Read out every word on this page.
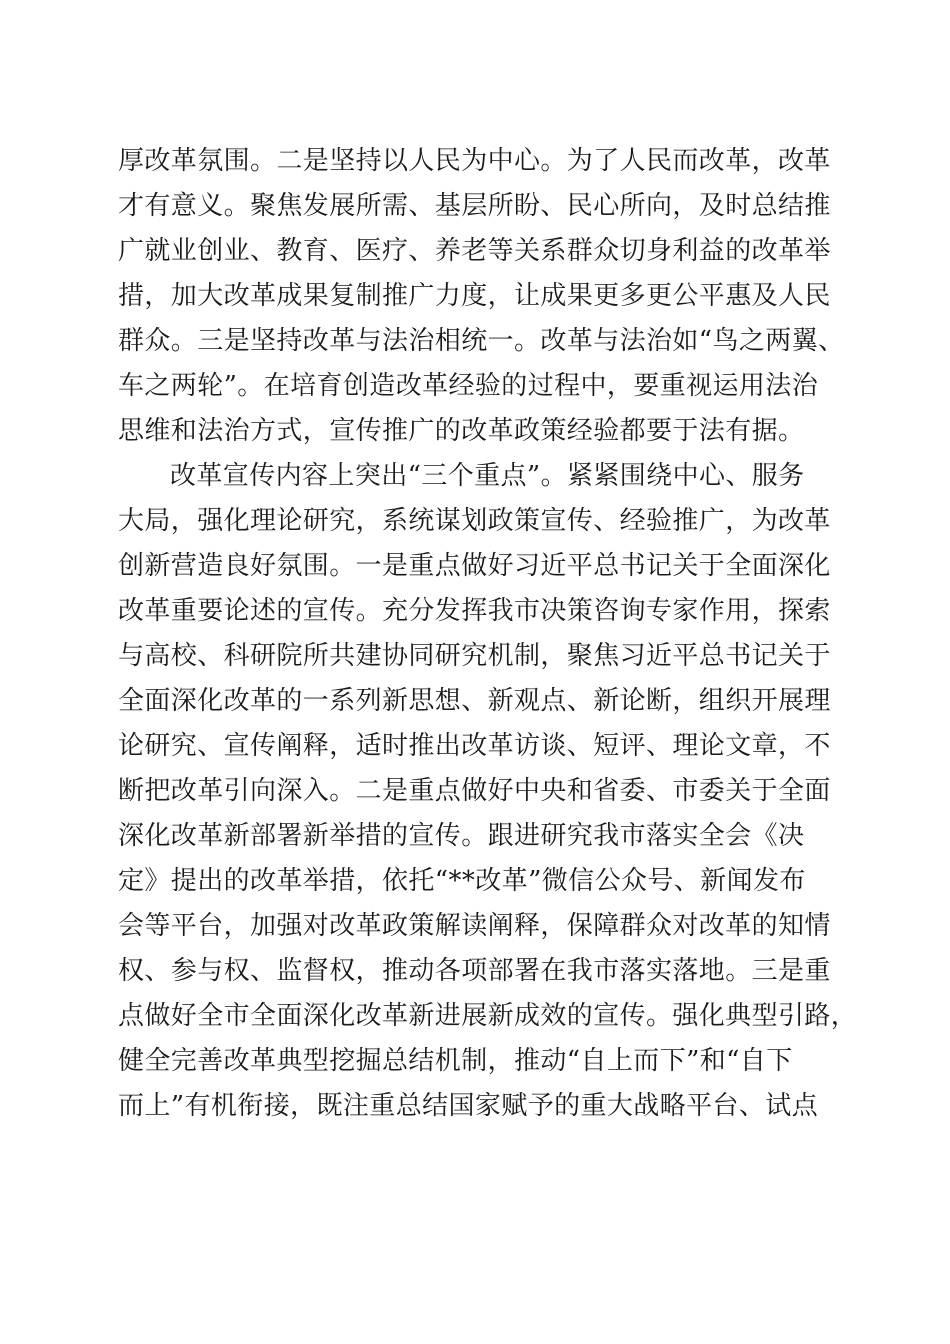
厚改革氛围。二是坚持以人民为中心。为了人民而改革，改革
才有意义。聚焦发展所需、基层所盼、民心所向，及时总结推
广就业创业、教育、医疗、养老等关系群众切身利益的改革举
措，加大改革成果复制推广力度，让成果更多更公平惠及人民
群众。三是坚持改革与法治相统一。改革与法治如“鸟之两翼、
车之两轮”。在培育创造改革经验的过程中，要重视运用法治
思维和法治方式，宣传推广的改革政策经验都要于法有据。
改革宣传内容上突出“三个重点”。紧紧围绕中心、服务
大局，强化理论研究，系统谋划政策宣传、经验推广，为改革
创新营造良好氛围。一是重点做好习近平总书记关于全面深化
改革重要论述的宣传。充分发挥我市决策咨询专家作用，探索
与高校、科研院所共建协同研究机制，聚焦习近平总书记关于
全面深化改革的一系列新思想、新观点、新论断，组织开展理
论研究、宣传阐释，适时推出改革访谈、短评、理论文章，不
断把改革引向深入。二是重点做好中央和省委、市委关于全面
深化改革新部署新举措的宣传。跟进研究我市落实全会《决
定》提出的改革举措，依托“**改革”微信公众号、新闻发布
会等平台，加强对改革政策解读阐释，保障群众对改革的知情
权、参与权、监督权，推动各项部署在我市落实落地。三是重
点做好全市全面深化改革新进展新成效的宣传。强化典型引路，
健全完善改革典型挖掘总结机制，推动“自上而下”和“自下
而上”有机衔接，既注重总结国家赋予的重大战略平台、试点
